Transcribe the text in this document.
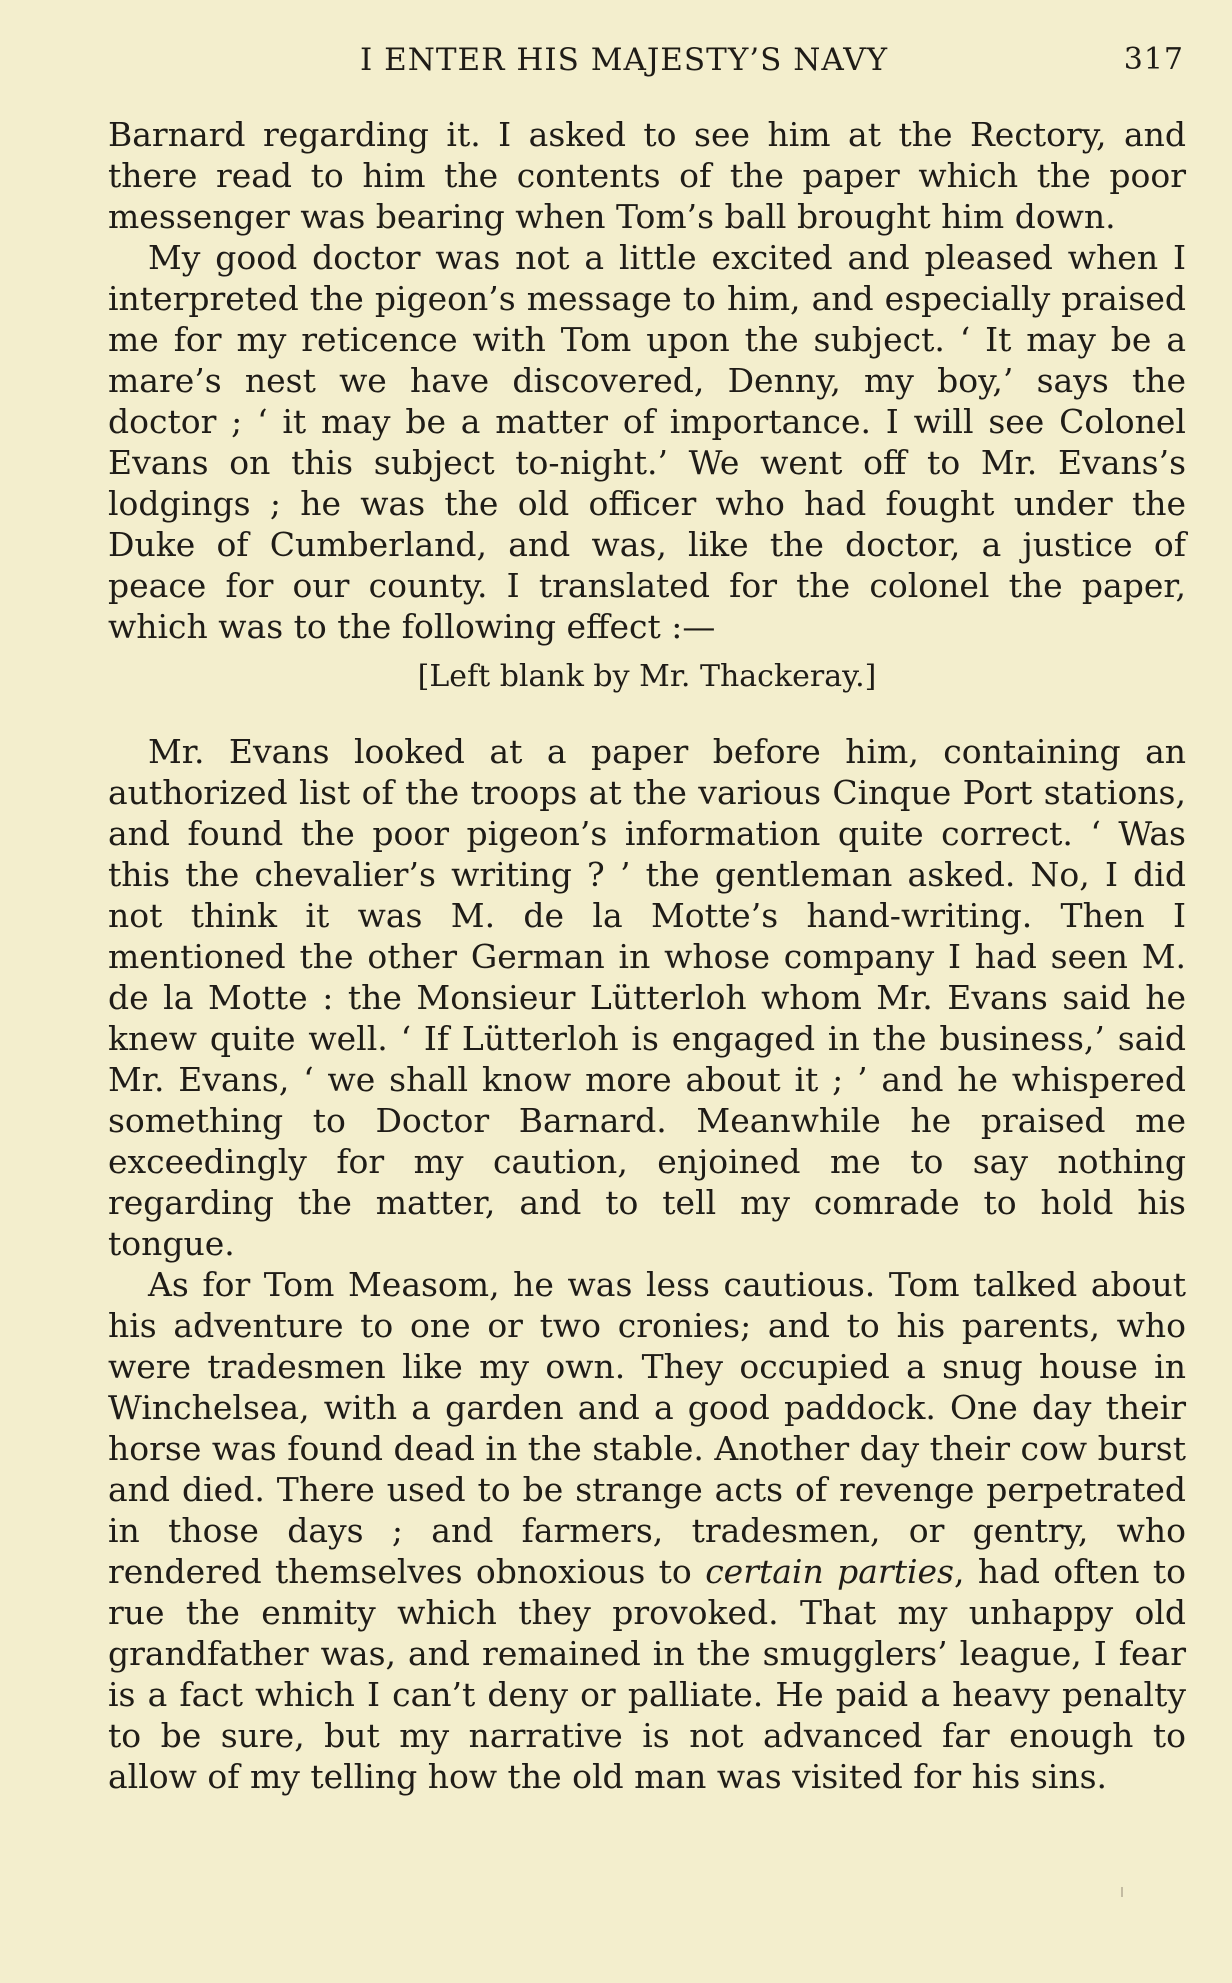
I ENTER HIS MAJESTY’S NAVY	317

Barnard regarding it. I asked to see him at the Rectory, and there read to him the contents of the paper which the poor messenger was bearing when Tom’s ball brought him down.

My good doctor was not a little excited and pleased when I interpreted the pigeon’s message to him, and especially praised me for my reticence with Tom upon the subject. ‘ It may be a mare’s nest we have discovered, Denny, my boy,’ says the doctor ; ‘ it may be a matter of importance. I will see Colonel Evans on this subject to-night.’ We went off to Mr. Evans’s lodgings ; he was the old officer who had fought under the Duke of Cumberland, and was, like the doctor, a justice of peace for our county. I translated for the colonel the paper, which was to the following effect :—

[Left blank by Mr. Thackeray.]

Mr. Evans looked at a paper before him, containing an authorized list of the troops at the various Cinque Port stations, and found the poor pigeon’s information quite correct. ‘ Was this the chevalier’s writing ? ’ the gentleman asked. No, I did not think it was M. de la Motte’s hand-writing. Then I mentioned the other German in whose company I had seen M. de la Motte : the Monsieur Lütterloh whom Mr. Evans said he knew quite well. ‘ If Lütterloh is engaged in the business,’ said Mr. Evans, ‘ we shall know more about it ; ’ and he whispered something to Doctor Barnard. Meanwhile he praised me exceedingly for my caution, enjoined me to say nothing regarding the matter, and to tell my comrade to hold his tongue.

As for Tom Measom, he was less cautious. Tom talked about his adventure to one or two cronies; and to his parents, who were tradesmen like my own. They occupied a snug house in Winchelsea, with a garden and a good paddock. One day their horse was found dead in the stable. Another day their cow burst and died. There used to be strange acts of revenge perpetrated in those days ; and farmers, tradesmen, or gentry, who rendered themselves obnoxious to certain parties, had often to rue the enmity which they provoked. That my unhappy old grandfather was, and remained in the smugglers’ league, I fear is a fact which I can’t deny or palliate. He paid a heavy penalty to be sure, but my narrative is not advanced far enough to allow of my telling how the old man was visited for his sins.
